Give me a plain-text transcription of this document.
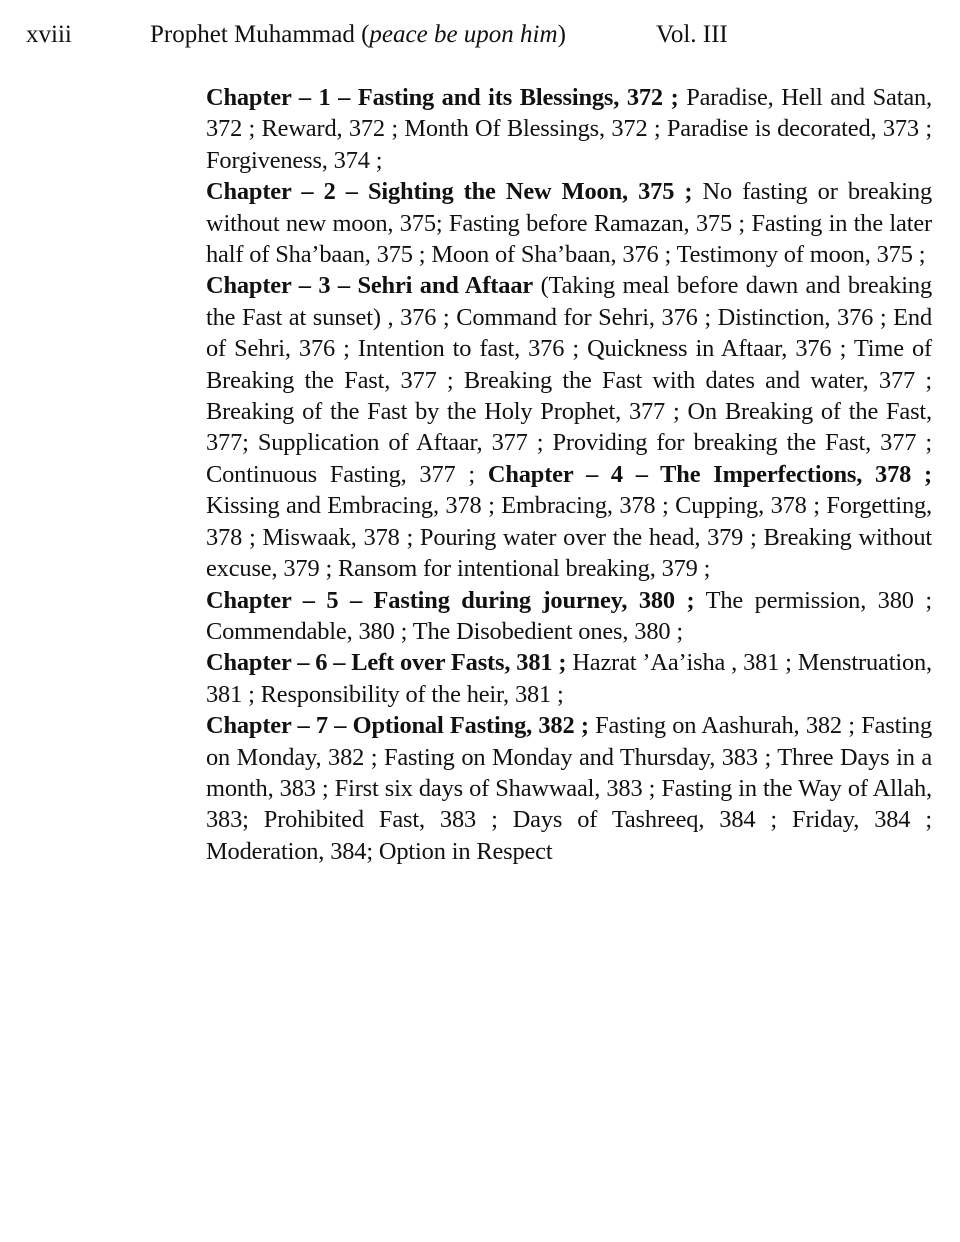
xviii	Prophet Muhammad (peace be upon him)	Vol. III

Chapter – 1 – Fasting and its Blessings, 372 ; Paradise, Hell and Satan, 372 ; Reward, 372 ; Month Of Blessings, 372 ; Paradise is decorated, 373 ; Forgiveness, 374 ;

Chapter – 2 – Sighting the New Moon, 375 ; No fasting or breaking without new moon, 375; Fasting before Ramazan, 375 ; Fasting in the later half of Sha’baan, 375 ; Moon of Sha’baan, 376 ; Testimony of moon, 375 ;

Chapter – 3 – Sehri and Aftaar (Taking meal before dawn and breaking the Fast at sunset) , 376 ; Command for Sehri, 376 ; Distinction, 376 ; End of Sehri, 376 ; Intention to fast, 376 ; Quickness in Aftaar, 376 ; Time of Breaking the Fast, 377 ; Breaking the Fast with dates and water, 377 ; Breaking of the Fast by the Holy Prophet, 377 ; On Breaking of the Fast, 377; Supplication of Aftaar, 377 ; Providing for breaking the Fast, 377 ; Continuous Fasting, 377 ; Chapter – 4 – The Imperfections, 378 ; Kissing and Embracing, 378 ; Embracing, 378 ; Cupping, 378 ; Forgetting, 378 ; Miswaak, 378 ; Pouring water over the head, 379 ; Breaking without excuse, 379 ; Ransom for intentional breaking, 379 ;

Chapter – 5 – Fasting during journey, 380 ; The permission, 380 ; Commendable, 380 ; The Disobedient ones, 380 ;

Chapter – 6 – Left over Fasts, 381 ; Hazrat ’Aa’isha , 381 ; Menstruation, 381 ; Responsibility of the heir, 381 ;

Chapter – 7 – Optional Fasting, 382 ; Fasting on Aashurah, 382 ; Fasting on Monday, 382 ; Fasting on Monday and Thursday, 383 ; Three Days in a month, 383 ; First six days of Shawwaal, 383 ; Fasting in the Way of Allah, 383; Prohibited Fast, 383 ; Days of Tashreeq, 384 ; Friday, 384 ; Moderation, 384; Option in Respect
